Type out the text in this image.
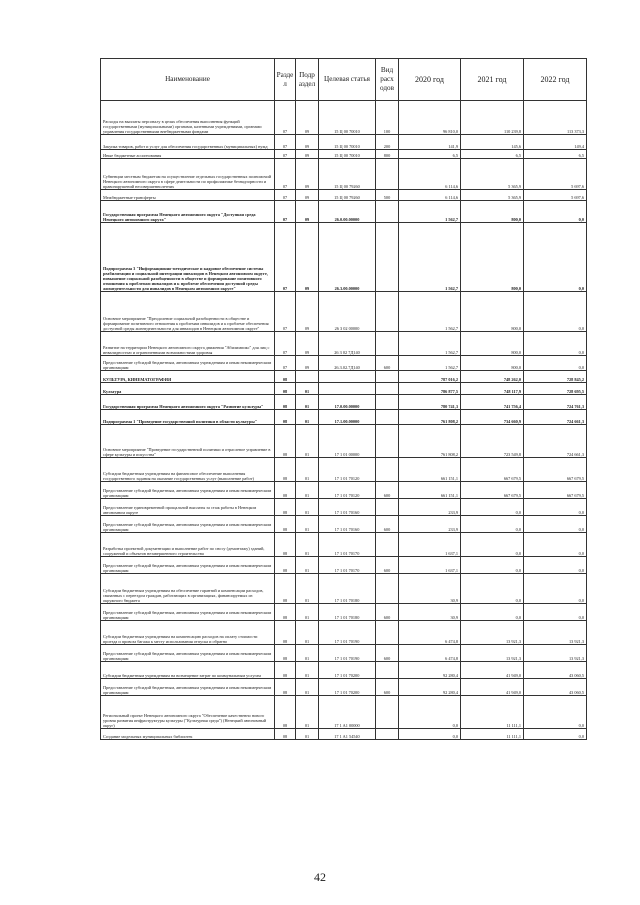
Наименование	Разде л	Подр аздел	Целевая статья	Вид расх одов	2020 год	2021 год	2022 год
Расходы на выплаты персоналу в целях обеспечения выполнения функций государственными (муниципальными) органами, казенными учреждениями, органами управления государственными внебюджетными фондами	07	09	15 Ц 00 70010	100	96 810,0	110 239,8	113 373,3
Закупка товаров, работ и услуг для обеспечения государственных (муниципальных) нужд	07	09	15 Ц 00 70010	200	141,9	145,6	149,4
Иные бюджетные ассигнования	07	09	15 Ц 00 70010	800	6,5	6,5	6,5
Субвенции местным бюджетам на осуществление отдельных государственных полномочий Ненецкого автономного округа в сфере деятельности по профилактике безнадзорности и правонарушений несовершеннолетних	07	09	15 Ц 00 79260		6 114,6	5 365,9	5 697,6
Межбюджетные трансферты	07	09	15 Ц 00 79260	500	6 114,6	5 365,9	5 697,6
Государственная программа Ненецкого автономного округа "Доступная среда Ненецкого автономного округа"	07	09	26.0.00.00000		1 562,7	800,0	0,0
Подпрограмма 3 "Информационно-методическое и кадровое обеспечение системы реабилитации и социальной интеграции инвалидов в Ненецком автономном округе, повышение социальной разобщенности в обществе и формирование позитивного отношения к проблемам инвалидов и к проблеме обеспечения доступной среды жизнедеятельности для инвалидов в Ненецком автономном округе"	07	09	26.3.00.00000		1 562,7	800,0	0,0
Основное мероприятие "Преодоление социальной разобщенности в обществе и формирование позитивного отношения к проблемам инвалидов и к проблеме обеспечения доступной среды жизнедеятельности для инвалидов в Ненецком автономном округе"	07	09	26 3 02 00000		1 562,7	800,0	0,0
Развитие на территории Ненецкого автономного округа движения "Абилимпикс" для лиц с инвалидностью и ограниченными возможностями здоровья	07	09	26 3 02 7Д140		1 562,7	800,0	0,0
Предоставление субсидий бюджетным, автономным учреждениям и иным некоммерческим организациям	07	09	26.3.02.7Д140	600	1 562,7	800,0	0,0
КУЛЬТУРА, КИНЕМАТОГРАФИЯ	08				787 016,2	748 262,0	728 845,2
Культура	08	01			786 877,5	748 117,9	728 695,5
Государственная программа Ненецкого автономного округа "Развитие культуры"	08	01	17.0.00.00000		780 741,3	741 756,4	724 761,3
Подпрограмма 1 "Проведение государственной политики в области культуры"	08	01	17.1.00.00000		761 808,2	734 660,9	724 661,3
Основное мероприятие "Проведение государственной политики и отраслевое управление в сфере культуры и искусства"	08	01	17 1 01 00000		761 808,2	723 549,8	724 661,3
Субсидии бюджетным учреждениям на финансовое обеспечение выполнения государственного задания на оказание государственных услуг (выполнение работ)	08	01	17 1 01 70120		661 151,1	667 679,5	667 679,5
Предоставление субсидий бюджетным, автономным учреждениям и иным некоммерческим организациям	08	01	17 1 01 70120	600	661 151,1	667 679,5	667 679,5
Предоставление единовременной прощальной выплаты за стаж работы в Ненецком автономном округе	08	01	17 1 01 70160		233,9	0,0	0,0
Предоставление субсидий бюджетным, автономным учреждениям и иным некоммерческим организациям	08	01	17 1 01 70160	600	233,9	0,0	0,0
Разработка проектной документации и выполнение работ по сносу (демонтажу) зданий, сооружений и объектов незавершенного строительства	08	01	17 1 01 70170		1 637,1	0,0	0,0
Предоставление субсидий бюджетным, автономным учреждениям и иным некоммерческим организациям	08	01	17 1 01 70170	600	1 637,1	0,0	0,0
Субсидии бюджетным учреждениям на обеспечение гарантий и компенсации расходов, связанных с переездом граждан, работающих в организациях, финансируемых из окружного бюджета	08	01	17 1 01 70180		30,9	0,0	0,0
Предоставление субсидий бюджетным, автономным учреждениям и иным некоммерческим организациям	08	01	17 1 01 70180	600	30,9	0,0	0,0
Субсидии бюджетным учреждениям на компенсацию расходов на оплату стоимости проезда и провоза багажа к месту использования отпуска и обратно	08	01	17 1 01 70190		6 474,8	13 921,3	13 921,3
Предоставление субсидий бюджетным, автономным учреждениям и иным некоммерческим организациям	08	01	17 1 01 70190	600	6 474,8	13 921,3	13 921,3
Субсидии бюджетным учреждениям на возмещение затрат по коммунальным услугам	08	01	17 1 01 70200		92 280,4	41 949,0	43 060,5
Предоставление субсидий бюджетным, автономным учреждениям и иным некоммерческим организациям	08	01	17 1 01 70200	600	92 280,4	41 949,0	43 060,5
Региональный проект Ненецкого автономного округа "Обеспечение качественно нового уровня развития инфраструктуры культуры ("Культурная среда") (Ненецкий автономный округ)	08	01	17 1 A1 00000		0,0	11 111,1	0,0
Создание модельных муниципальных библиотек	08	01	17 1 A1 54540		0,0	11 111,1	0,0
42
